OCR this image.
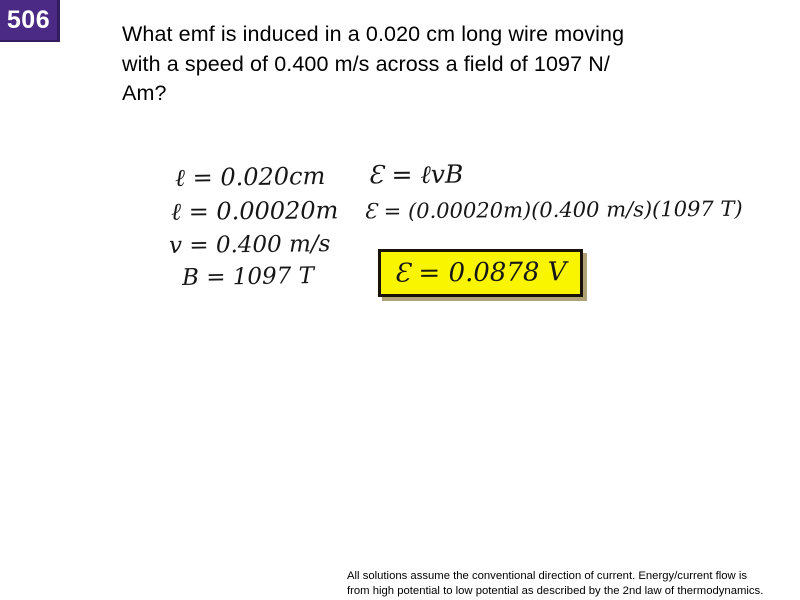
506
What emf is induced in a 0.020 cm long wire moving
with a speed of 0.400 m/s across a field of 1097 N/
Am?
ℓ = 0.020cm
ℓ = 0.00020m
v = 0.400 m/s
B = 1097 T
Ɛ = ℓvB
Ɛ = (0.00020m)(0.400 m/s)(1097 T)
Ɛ = 0.0878 V
All solutions assume the conventional direction of current. Energy/current flow is
from high potential to low potential as described by the 2nd law of thermodynamics.
